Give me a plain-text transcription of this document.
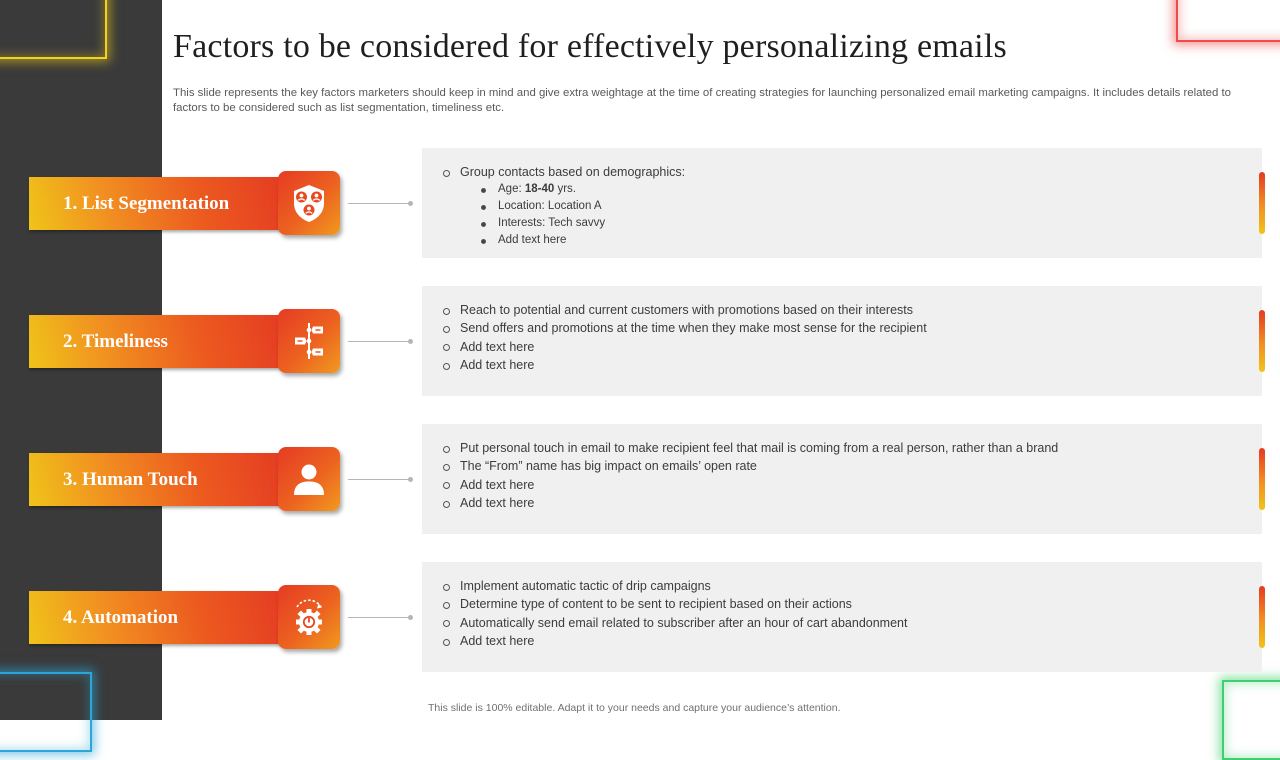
Factors to be considered for effectively personalizing emails

This slide represents the key factors marketers should keep in mind and give extra weightage at the time of creating strategies for launching personalized email marketing campaigns. It includes details related to factors to be considered such as list segmentation, timeliness etc.

1. List Segmentation
Group contacts based on demographics:
Age: 18-40 yrs.
Location: Location A
Interests: Tech savvy
Add text here
2. Timeliness
Reach to potential and current customers with promotions based on their interests
Send offers and promotions at the time when they make most sense for the recipient
Add text here
Add text here
3. Human Touch
Put personal touch in email to make recipient feel that mail is coming from a real person, rather than a brand
The “From” name has big impact on emails’ open rate
Add text here
Add text here
4. Automation
Implement automatic tactic of drip campaigns
Determine type of content to be sent to recipient based on their actions
Automatically send email related to subscriber after an hour of cart abandonment
Add text here

This slide is 100% editable. Adapt it to your needs and capture your audience’s attention.
